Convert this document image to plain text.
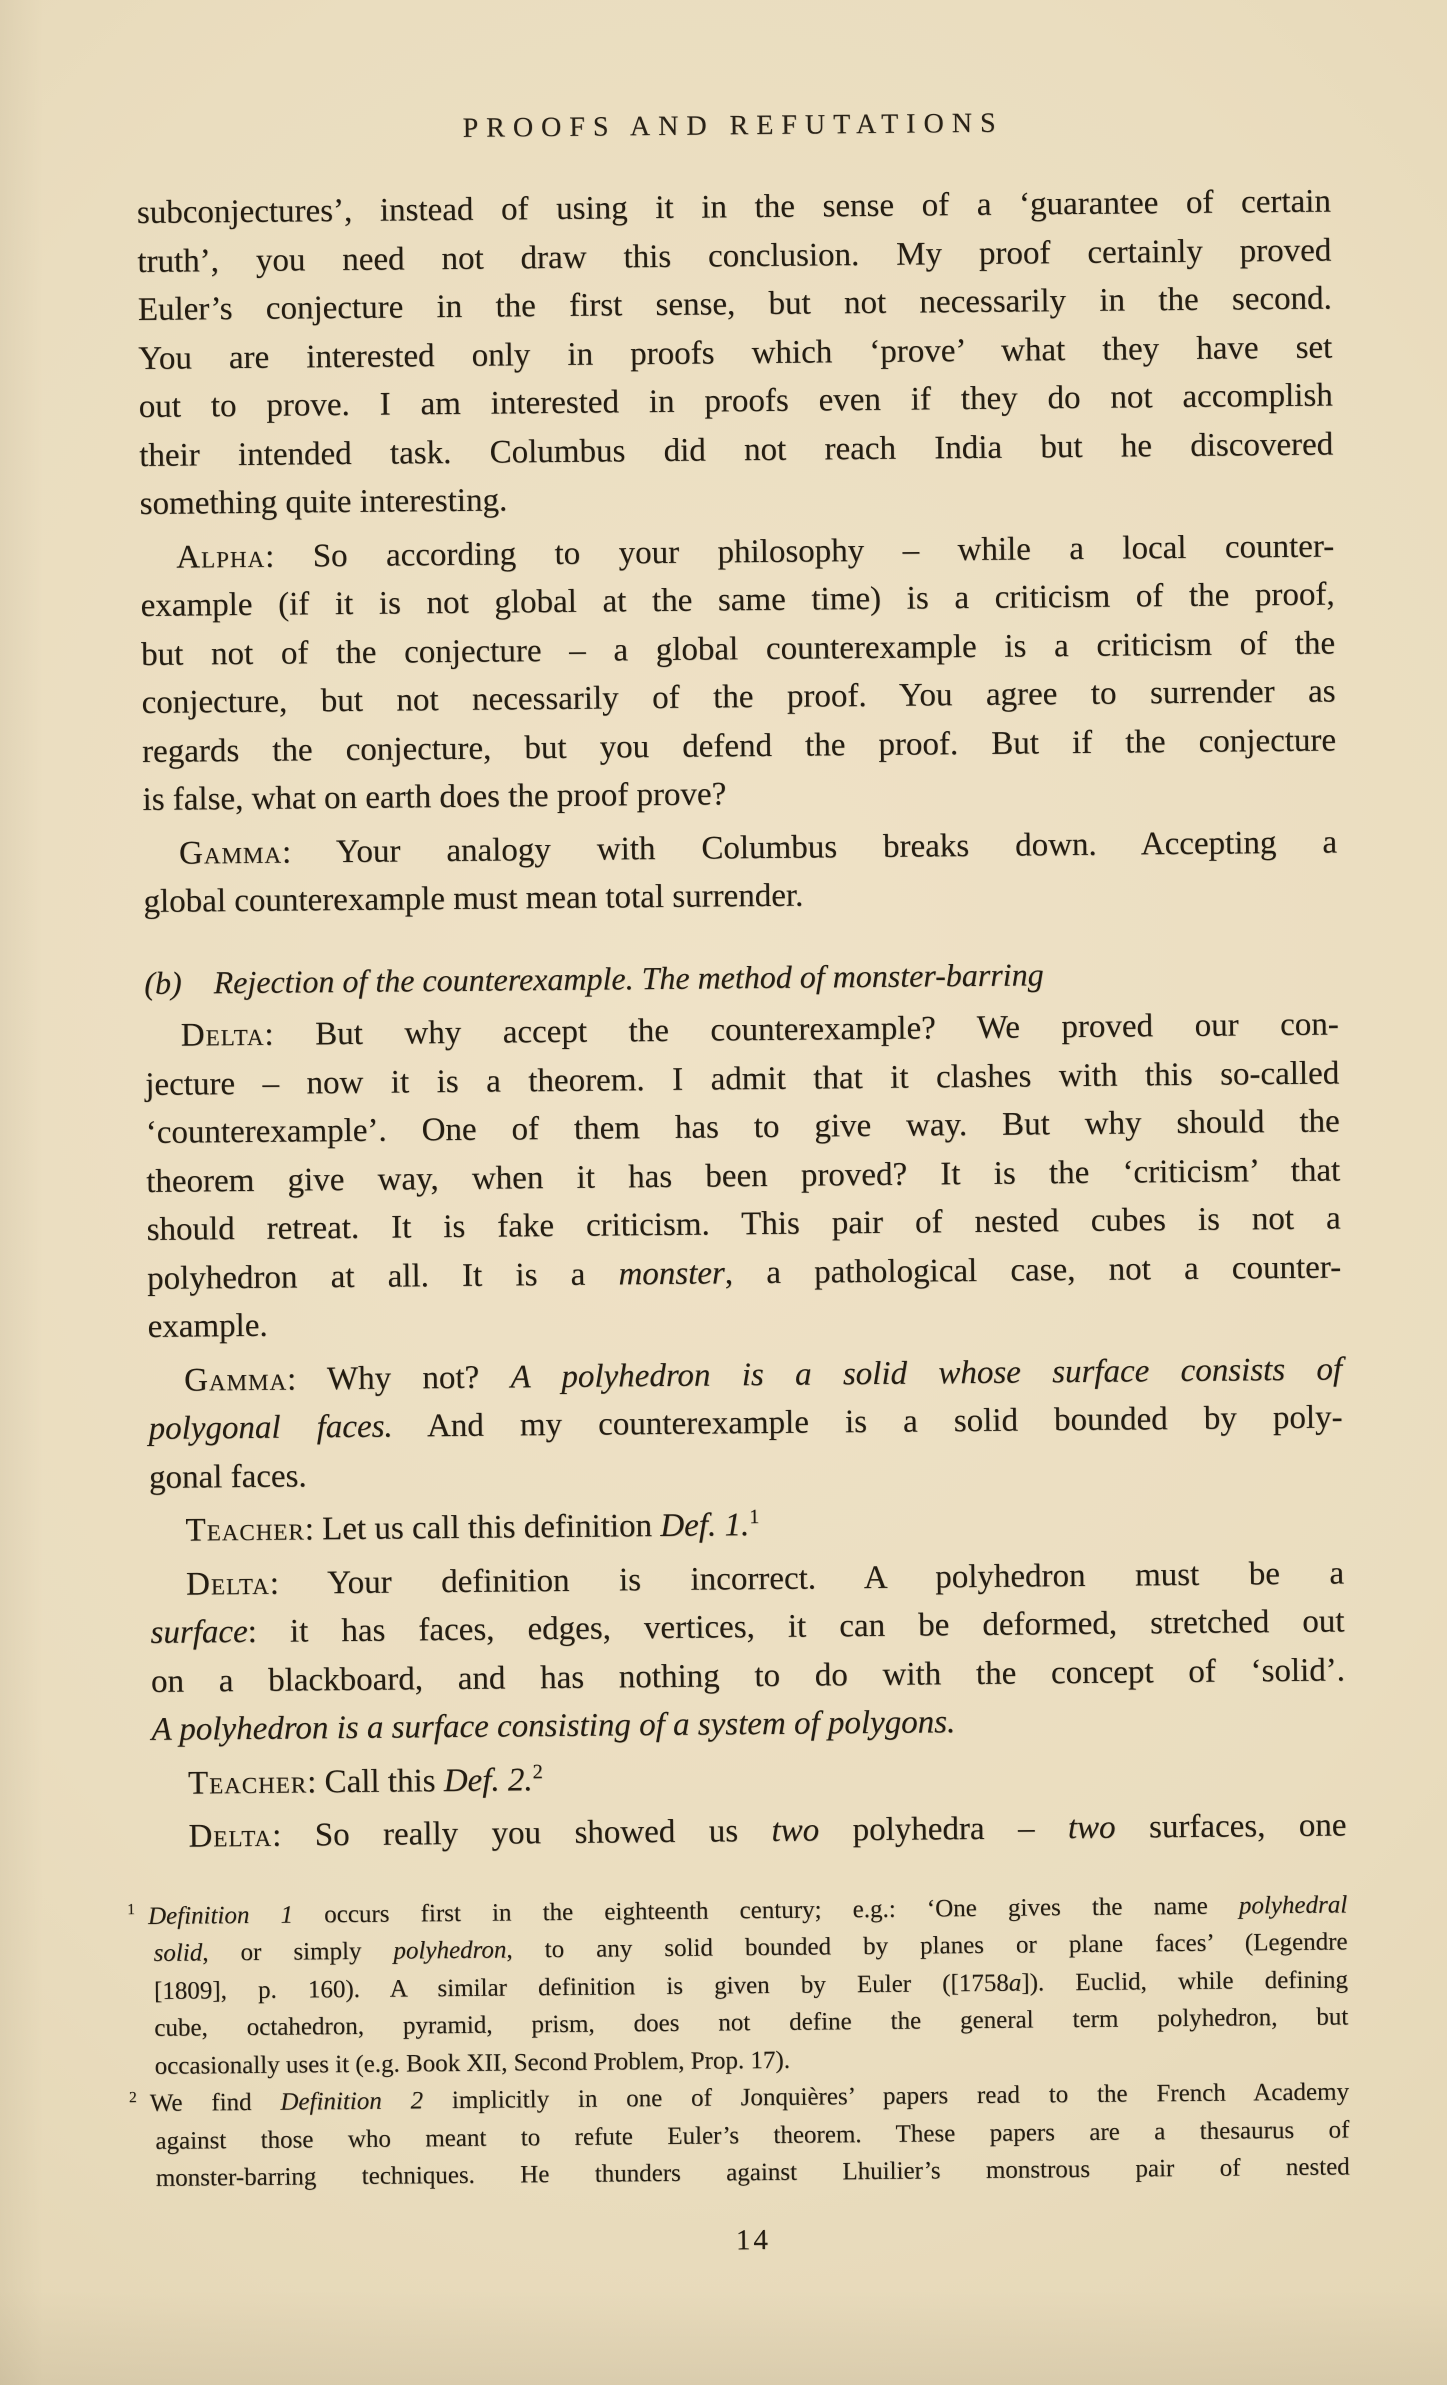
PROOFS AND REFUTATIONS

subconjectures’, instead of using it in the sense of a ‘guarantee of certain
truth’, you need not draw this conclusion. My proof certainly proved
Euler’s conjecture in the first sense, but not necessarily in the second.
You are interested only in proofs which ‘prove’ what they have set
out to prove. I am interested in proofs even if they do not accomplish
their intended task. Columbus did not reach India but he discovered
something quite interesting.

Alpha: So according to your philosophy – while a local counter-
example (if it is not global at the same time) is a criticism of the proof,
but not of the conjecture – a global counterexample is a criticism of the
conjecture, but not necessarily of the proof. You agree to surrender as
regards the conjecture, but you defend the proof. But if the conjecture
is false, what on earth does the proof prove?

Gamma: Your analogy with Columbus breaks down. Accepting a
global counterexample must mean total surrender.

(b)   Rejection of the counterexample. The method of monster-barring

Delta: But why accept the counterexample? We proved our con-
jecture – now it is a theorem. I admit that it clashes with this so-called
‘counterexample’. One of them has to give way. But why should the
theorem give way, when it has been proved? It is the ‘criticism’ that
should retreat. It is fake criticism. This pair of nested cubes is not a
polyhedron at all. It is a monster, a pathological case, not a counter-
example.

Gamma: Why not? A polyhedron is a solid whose surface consists of
polygonal faces. And my counterexample is a solid bounded by poly-
gonal faces.

Teacher: Let us call this definition Def. 1.$^1$

Delta: Your definition is incorrect. A polyhedron must be a
surface: it has faces, edges, vertices, it can be deformed, stretched out
on a blackboard, and has nothing to do with the concept of ‘solid’.
A polyhedron is a surface consisting of a system of polygons.

Teacher: Call this Def. 2.$^2$

Delta: So really you showed us two polyhedra – two surfaces, one

$^1$ Definition 1 occurs first in the eighteenth century; e.g.: ‘One gives the name polyhedral
solid, or simply polyhedron, to any solid bounded by planes or plane faces’ (Legendre
[1809], p. 160). A similar definition is given by Euler ([1758a]). Euclid, while defining
cube, octahedron, pyramid, prism, does not define the general term polyhedron, but
occasionally uses it (e.g. Book XII, Second Problem, Prop. 17).

$^2$ We find Definition 2 implicitly in one of Jonquières’ papers read to the French Academy
against those who meant to refute Euler’s theorem. These papers are a thesaurus of
monster-barring techniques. He thunders against Lhuilier’s monstrous pair of nested

14
